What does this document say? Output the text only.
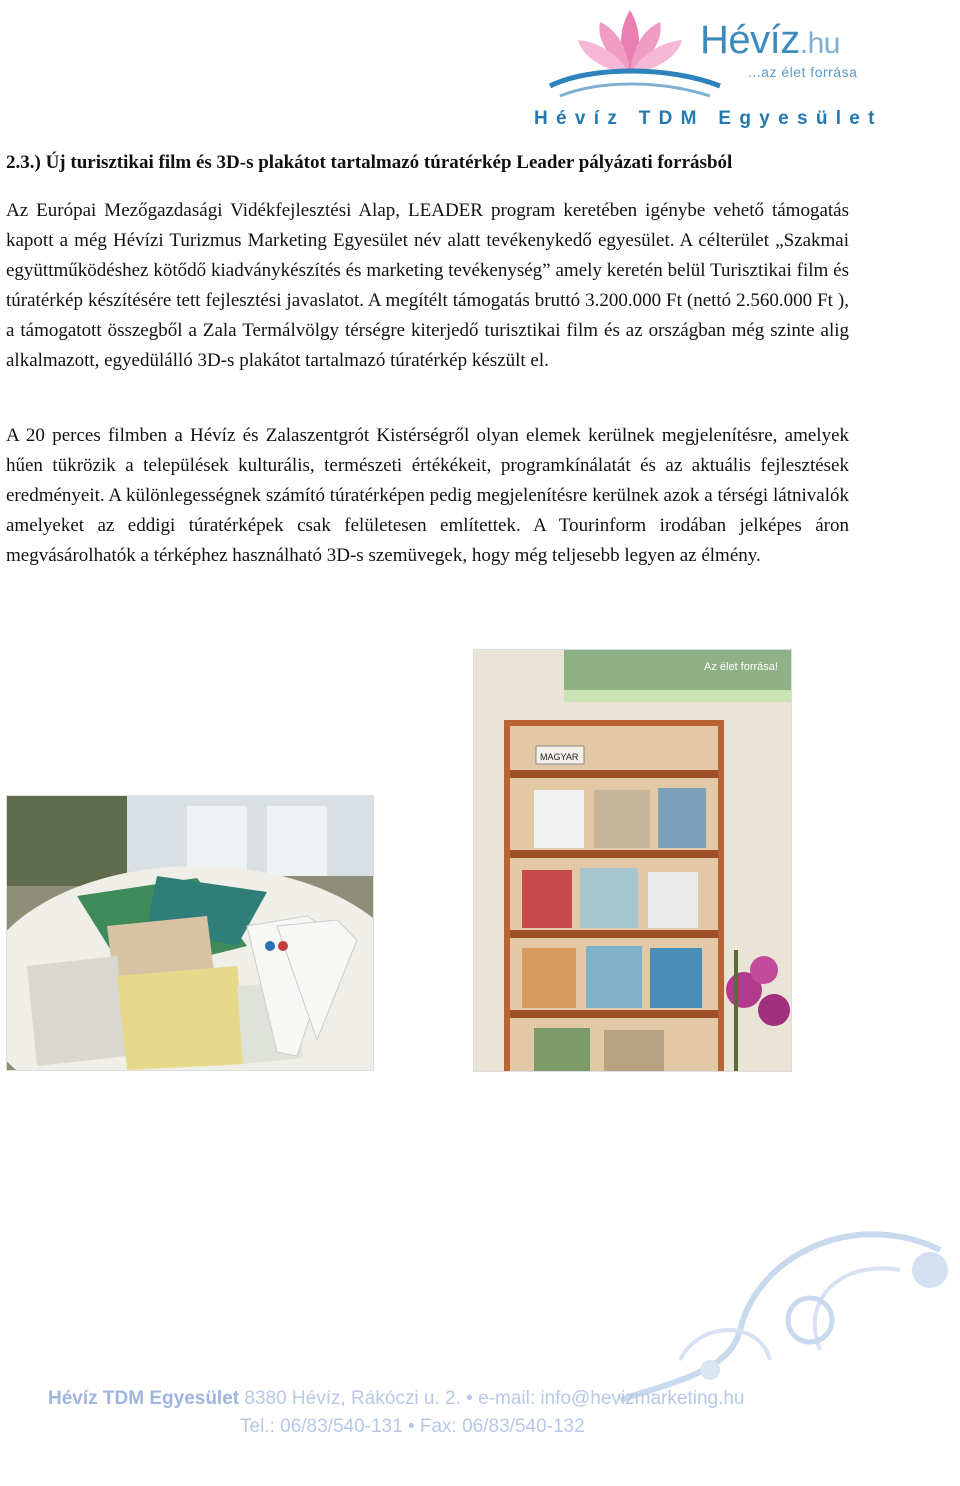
Hévíz.hu
...az élet forrása
Hévíz TDM Egyesület
2.3.) Új turisztikai film és 3D-s plakátot tartalmazó túratérkép Leader pályázati forrásból

Az Európai Mezőgazdasági Vidékfejlesztési Alap, LEADER program keretében igénybe vehető támogatás kapott a még Hévízi Turizmus Marketing Egyesület név alatt tevékenykedő egyesület. A célterület „Szakmai együttműködéshez kötődő kiadványkészítés és marketing tevékenység” amely keretén belül Turisztikai film és túratérkép készítésére tett fejlesztési javaslatot. A megítélt támogatás bruttó 3.200.000 Ft (nettó 2.560.000 Ft ), a támogatott összegből a Zala Termálvölgy térségre kiterjedő turisztikai film és az országban még szinte alig alkalmazott, egyedülálló 3D-s plakátot tartalmazó túratérkép készült el.

A 20 perces filmben a Hévíz és Zalaszentgrót Kistérségről olyan elemek kerülnek megjelenítésre, amelyek hűen tükrözik a települések kulturális, természeti értékékeit, programkínálatát és az aktuális fejlesztések eredményeit. A különlegességnek számító túratérképen pedig megjelenítésre kerülnek azok a térségi látnivalók amelyeket az eddigi túratérképek csak felületesen említettek. A Tourinform irodában jelképes áron megvásárolhatók a térképhez használható 3D-s szemüvegek, hogy még teljesebb legyen az élmény.

Az élet forrása!
MAGYAR
Hévíz TDM Egyesület 8380 Hévíz, Rákóczi u. 2. • e-mail: info@hevizmarketing.hu
Tel.: 06/83/540-131 • Fax: 06/83/540-132
